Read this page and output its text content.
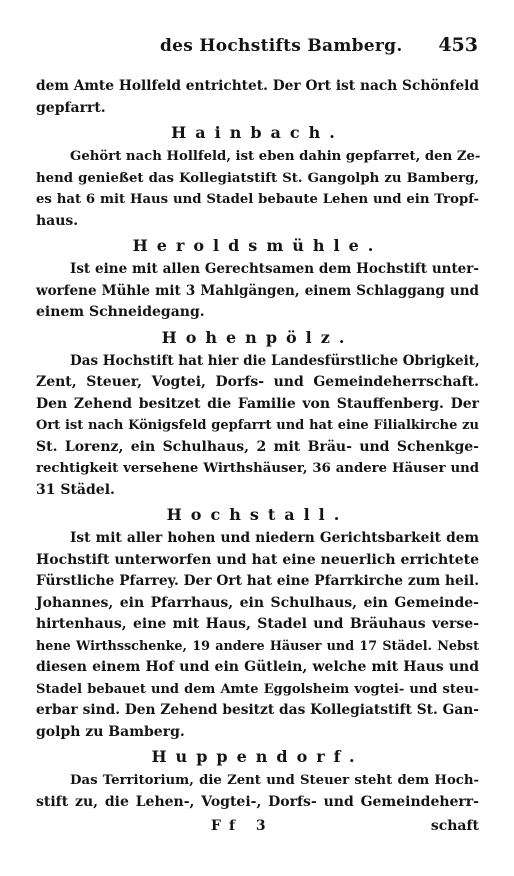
des Hochstifts Bamberg. 453
dem Amte Hollfeld entrichtet. Der Ort ist nach Schönfeld
gepfarrt.
Hainbach.
Gehört nach Hollfeld, ist eben dahin gepfarret, den Ze-
hend genießet das Kollegiatstift St. Gangolph zu Bamberg,
es hat 6 mit Haus und Stadel bebaute Lehen und ein Tropf-
haus.
Heroldsmühle.
Ist eine mit allen Gerechtsamen dem Hochstift unter-
worfene Mühle mit 3 Mahlgängen, einem Schlaggang und
einem Schneidegang.
Hohenpölz.
Das Hochstift hat hier die Landesfürstliche Obrigkeit,
Zent, Steuer, Vogtei, Dorfs- und Gemeindeherrschaft.
Den Zehend besitzet die Familie von Stauffenberg. Der
Ort ist nach Königsfeld gepfarrt und hat eine Filialkirche zu
St. Lorenz, ein Schulhaus, 2 mit Bräu- und Schenkge-
rechtigkeit versehene Wirthshäuser, 36 andere Häuser und
31 Städel.
Hochstall.
Ist mit aller hohen und niedern Gerichtsbarkeit dem
Hochstift unterworfen und hat eine neuerlich errichtete
Fürstliche Pfarrey. Der Ort hat eine Pfarrkirche zum heil.
Johannes, ein Pfarrhaus, ein Schulhaus, ein Gemeinde-
hirtenhaus, eine mit Haus, Stadel und Bräuhaus verse-
hene Wirthsschenke, 19 andere Häuser und 17 Städel. Nebst
diesen einem Hof und ein Gütlein, welche mit Haus und
Stadel bebauet und dem Amte Eggolsheim vogtei- und steu-
erbar sind. Den Zehend besitzt das Kollegiatstift St. Gan-
golph zu Bamberg.
Huppendorf.
Das Territorium, die Zent und Steuer steht dem Hoch-
stift zu, die Lehen-, Vogtei-, Dorfs- und Gemeindeherr-
Ff 3	schaft
